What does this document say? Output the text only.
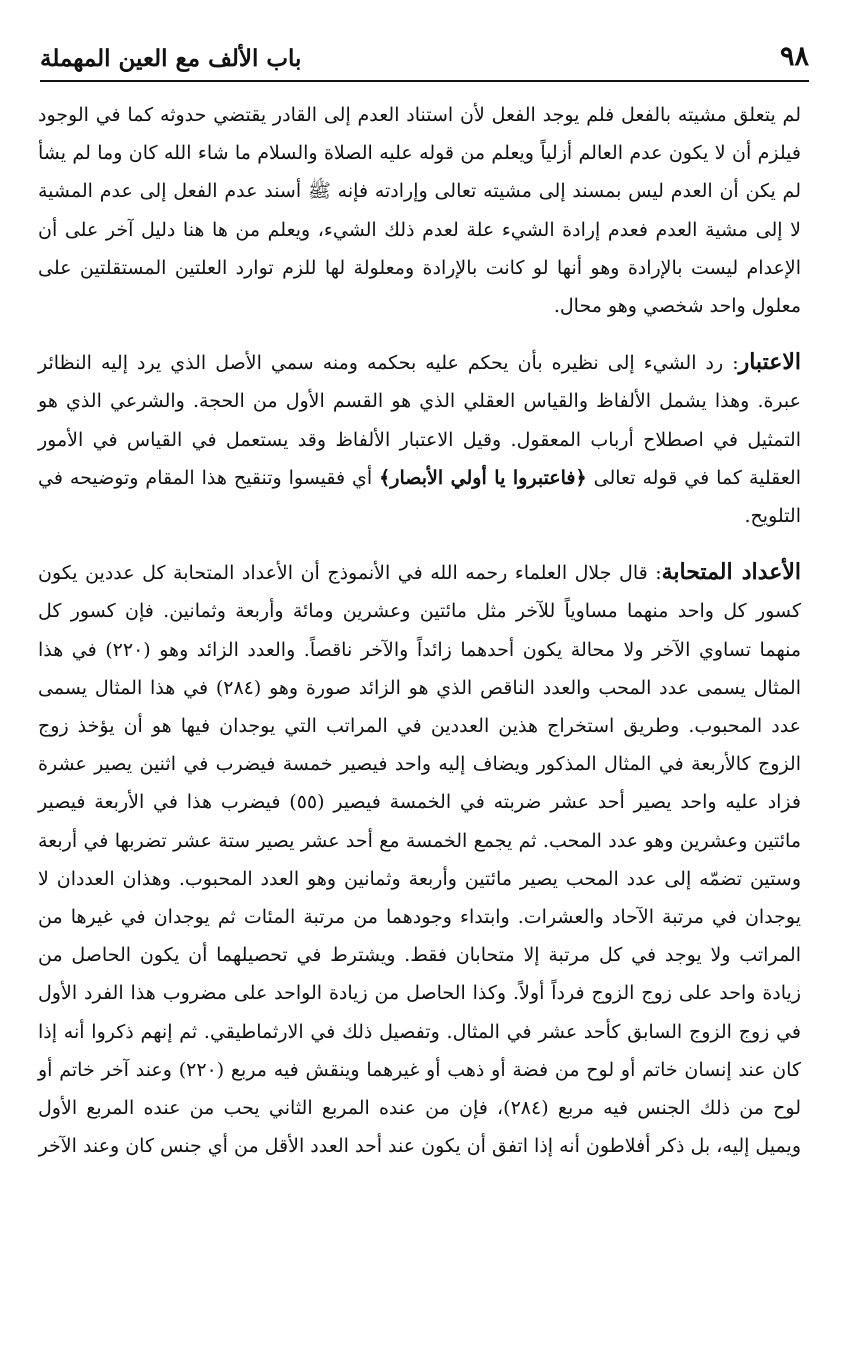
٩٨
باب الألف مع العين المهملة

لم يتعلق مشيته بالفعل فلم يوجد الفعل لأن استناد العدم إلى القادر يقتضي حدوثه كما في الوجود فيلزم أن لا يكون عدم العالم أزلياً ويعلم من قوله عليه الصلاة والسلام ما شاء الله كان وما لم يشأ لم يكن أن العدم ليس بمسند إلى مشيته تعالى وإرادته فإنه ﷺ أسند عدم الفعل إلى عدم المشية لا إلى مشية العدم فعدم إرادة الشيء علة لعدم ذلك الشيء، ويعلم من ها هنا دليل آخر على أن الإعدام ليست بالإرادة وهو أنها لو كانت بالإرادة ومعلولة لها للزم توارد العلتين المستقلتين على معلول واحد شخصي وهو محال.

الاعتبار: رد الشيء إلى نظيره بأن يحكم عليه بحكمه ومنه سمي الأصل الذي يرد إليه النظائر عبرة. وهذا يشمل الألفاظ والقياس العقلي الذي هو القسم الأول من الحجة. والشرعي الذي هو التمثيل في اصطلاح أرباب المعقول. وقيل الاعتبار الألفاظ وقد يستعمل في القياس في الأمور العقلية كما في قوله تعالى ﴿فاعتبروا يا أولي الأبصار﴾ أي فقيسوا وتنقيح هذا المقام وتوضيحه في التلويح.

الأعداد المتحابة: قال جلال العلماء رحمه الله في الأنموذج أن الأعداد المتحابة كل عددين يكون كسور كل واحد منهما مساوياً للآخر مثل مائتين وعشرين ومائة وأربعة وثمانين. فإن كسور كل منهما تساوي الآخر ولا محالة يكون أحدهما زائداً والآخر ناقصاً. والعدد الزائد وهو (٢٢٠) في هذا المثال يسمى عدد المحب والعدد الناقص الذي هو الزائد صورة وهو (٢٨٤) في هذا المثال يسمى عدد المحبوب. وطريق استخراج هذين العددين في المراتب التي يوجدان فيها هو أن يؤخذ زوج الزوج كالأربعة في المثال المذكور ويضاف إليه واحد فيصير خمسة فيضرب في اثنين يصير عشرة فزاد عليه واحد يصير أحد عشر ضربته في الخمسة فيصير (٥٥) فيضرب هذا في الأربعة فيصير مائتين وعشرين وهو عدد المحب. ثم يجمع الخمسة مع أحد عشر يصير ستة عشر تضربها في أربعة وستين تضمّه إلى عدد المحب يصير مائتين وأربعة وثمانين وهو العدد المحبوب. وهذان العددان لا يوجدان في مرتبة الآحاد والعشرات. وابتداء وجودهما من مرتبة المئات ثم يوجدان في غيرها من المراتب ولا يوجد في كل مرتبة إلا متحابان فقط. ويشترط في تحصيلهما أن يكون الحاصل من زيادة واحد على زوج الزوج فرداً أولاً. وكذا الحاصل من زيادة الواحد على مضروب هذا الفرد الأول في زوج الزوج السابق كأحد عشر في المثال. وتفصيل ذلك في الارثماطيقي. ثم إنهم ذكروا أنه إذا كان عند إنسان خاتم أو لوح من فضة أو ذهب أو غيرهما وينقش فيه مربع (٢٢٠) وعند آخر خاتم أو لوح من ذلك الجنس فيه مربع (٢٨٤)، فإن من عنده المربع الثاني يحب من عنده المربع الأول ويميل إليه، بل ذكر أفلاطون أنه إذا اتفق أن يكون عند أحد العدد الأقل من أي جنس كان وعند الآخر
